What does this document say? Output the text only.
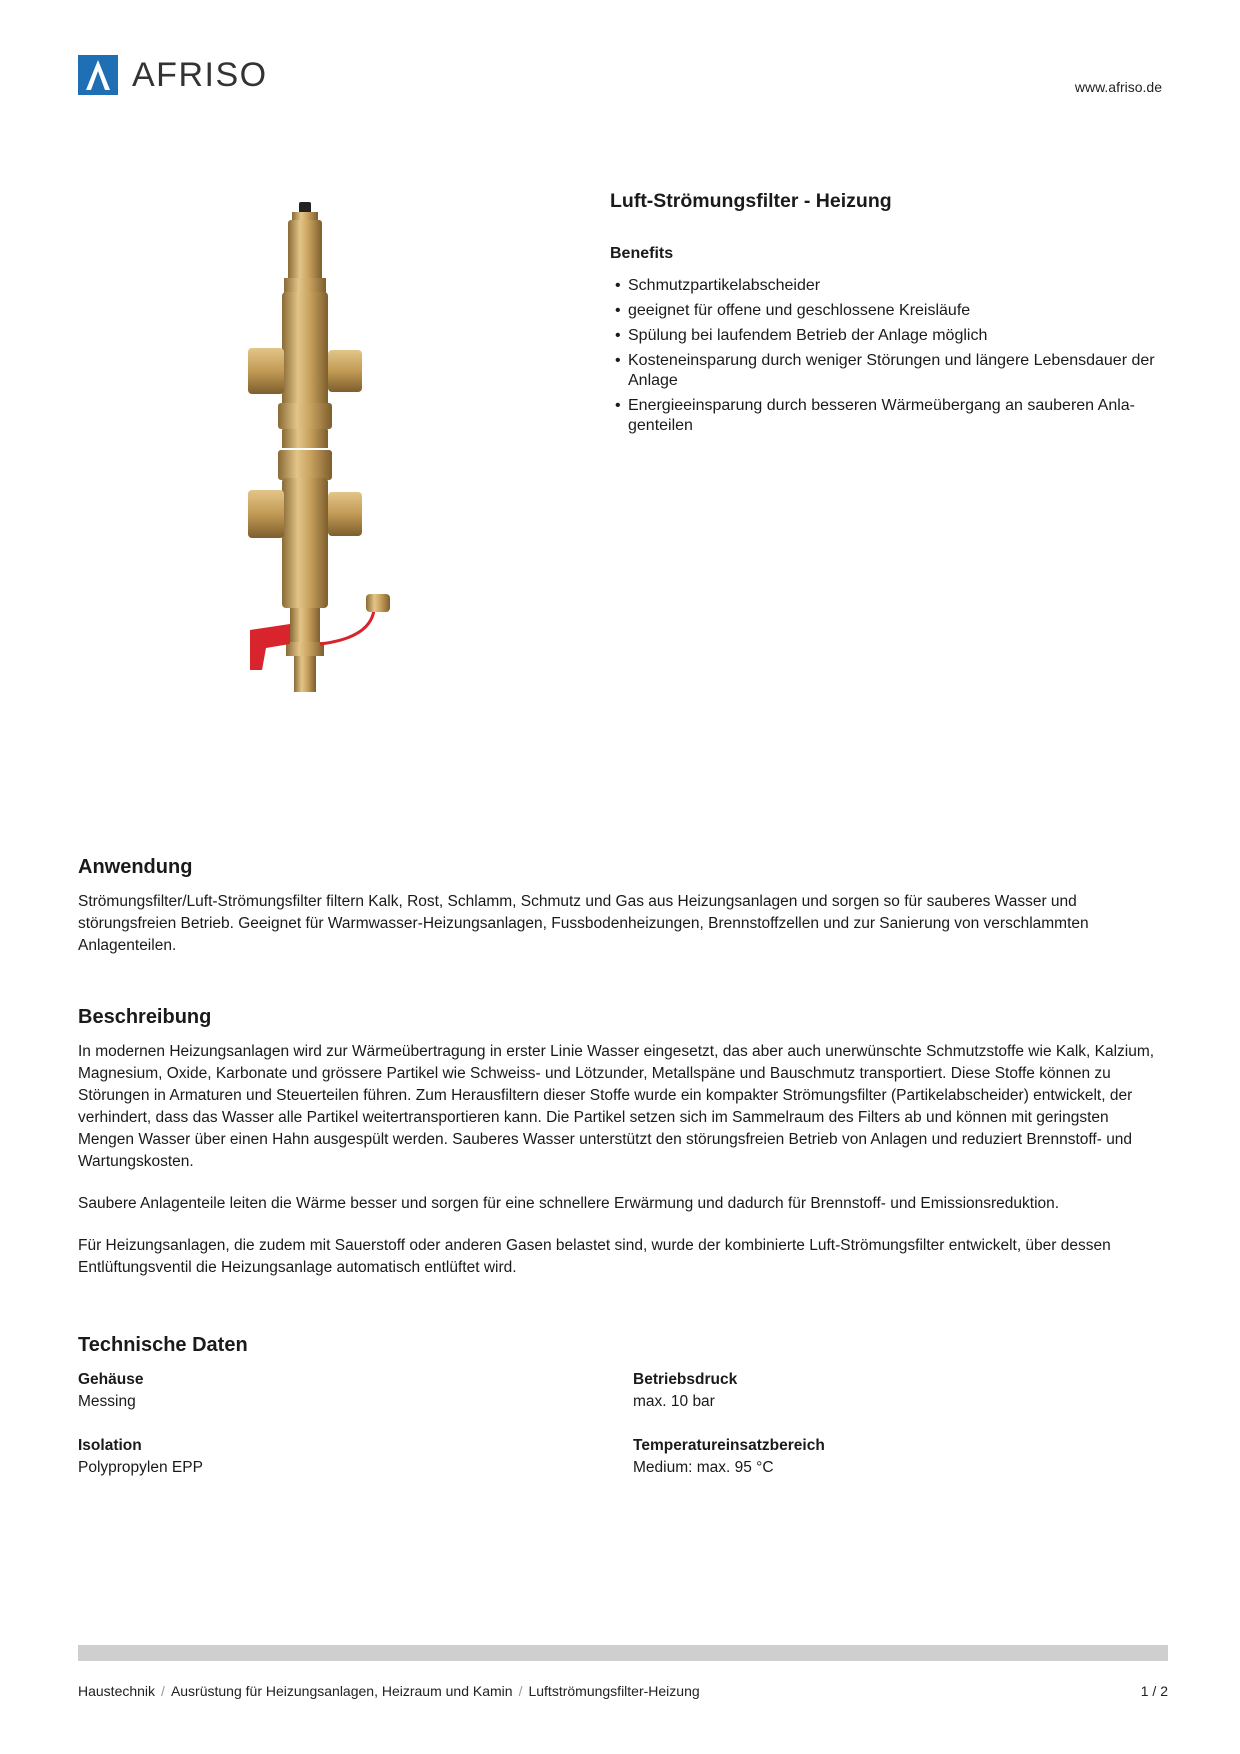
AFRISO	www.afriso.de
Luft-Strömungsfilter - Heizung
Benefits
• Schmutzpartikelabscheider
• geeignet für offene und geschlossene Kreisläufe
• Spülung bei laufendem Betrieb der Anlage möglich
• Kosteneinsparung durch weniger Störungen und längere Lebensdauer der Anlage
• Energieeinsparung durch besseren Wärmeübergang an sauberen Anlagenteilen
Anwendung

Strömungsfilter/Luft-Strömungsfilter filtern Kalk, Rost, Schlamm, Schmutz und Gas aus Heizungsanlagen und sorgen so für sauberes Wasser und störungsfreien Betrieb. Geeignet für Warmwasser-Heizungsanlagen, Fussbodenheizungen, Brennstoffzellen und zur Sanierung von verschlammten Anlagenteilen.

Beschreibung

In modernen Heizungsanlagen wird zur Wärmeübertragung in erster Linie Wasser eingesetzt, das aber auch unerwünschte Schmutzstoffe wie Kalk, Kalzium, Magnesium, Oxide, Karbonate und grössere Partikel wie Schweiss- und Lötzunder, Metallspäne und Bauschmutz transportiert. Diese Stoffe können zu Störungen in Armaturen und Steuerteilen führen. Zum Herausfiltern dieser Stoffe wurde ein kompakter Strömungsfilter (Partikelabscheider) entwickelt, der verhindert, dass das Wasser alle Partikel weitertransportieren kann. Die Partikel setzen sich im Sammelraum des Filters ab und können mit geringsten Mengen Wasser über einen Hahn ausgespült werden. Sauberes Wasser unterstützt den störungsfreien Betrieb von Anlagen und reduziert Brennstoff- und Wartungskosten.

Saubere Anlagenteile leiten die Wärme besser und sorgen für eine schnellere Erwärmung und dadurch für Brennstoff- und Emissionsreduktion.

Für Heizungsanlagen, die zudem mit Sauerstoff oder anderen Gasen belastet sind, wurde der kombinierte Luft-Strömungsfilter entwickelt, über dessen Entlüftungsventil die Heizungsanlage automatisch entlüftet wird.

Technische Daten
Gehäuse
Messing
Betriebsdruck
max. 10 bar
Isolation
Polypropylen EPP
Temperatureinsatzbereich
Medium: max. 95 °C
Haustechnik / Ausrüstung für Heizungsanlagen, Heizraum und Kamin / Luftströmungsfilter-Heizung	1 / 2
